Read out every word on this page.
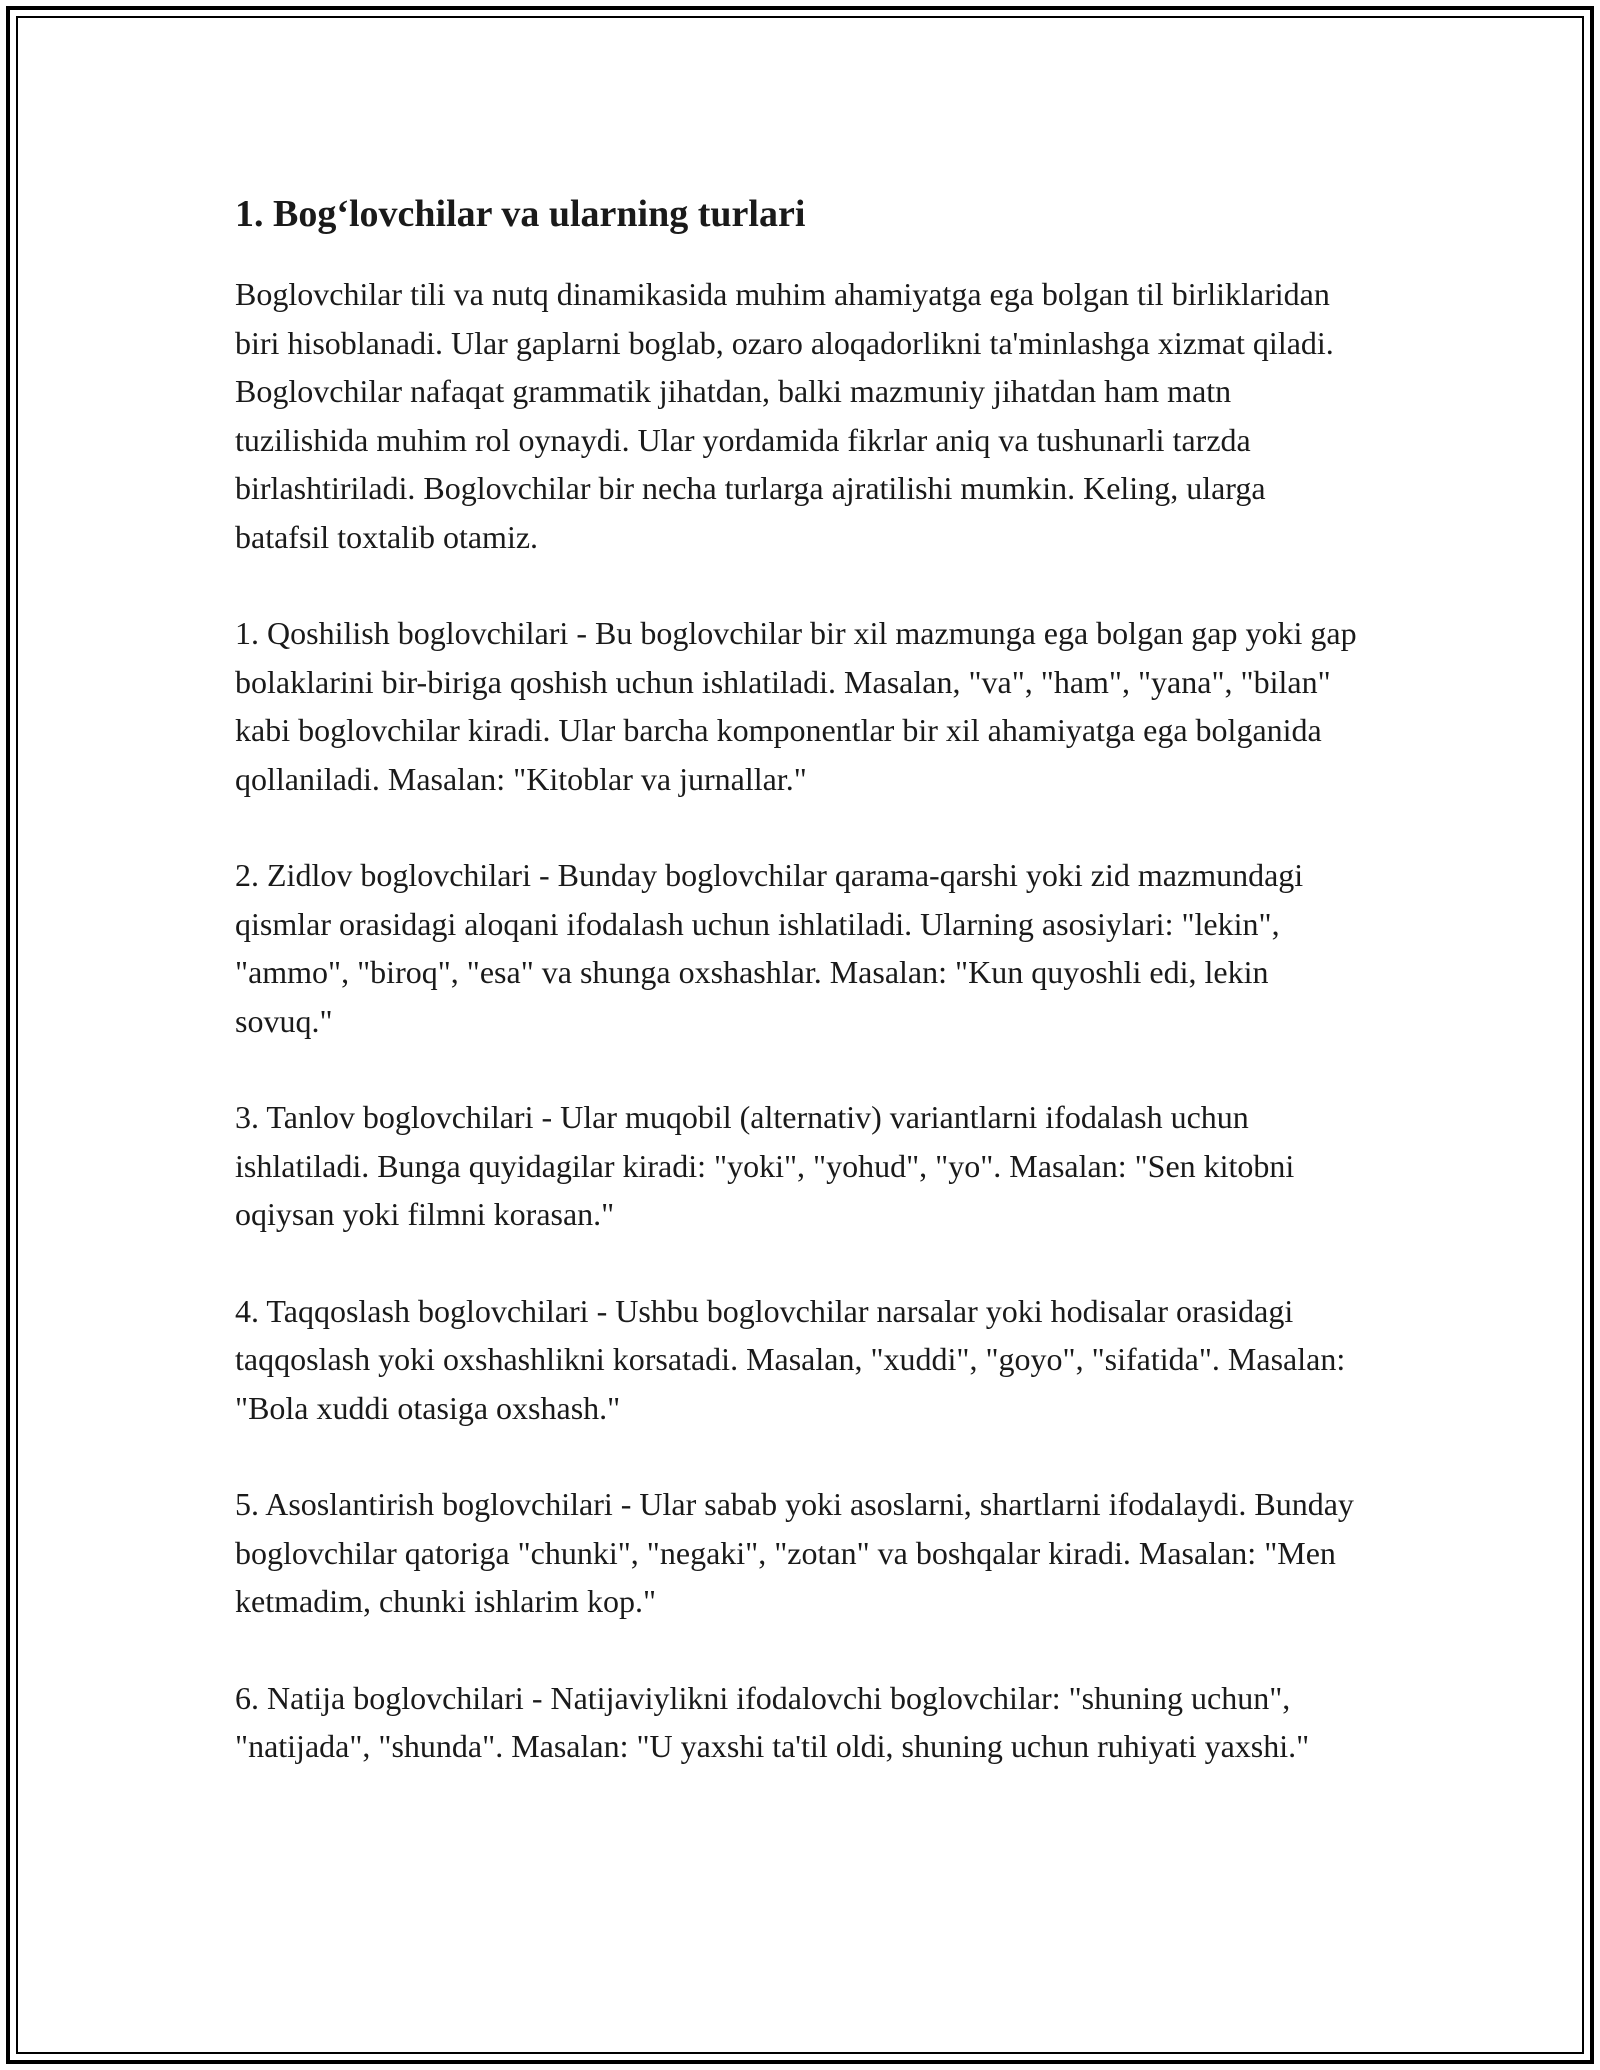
1. Bog‘lovchilar va ularning turlari

Boglovchilar tili va nutq dinamikasida muhim ahamiyatga ega bolgan til birliklaridan biri hisoblanadi. Ular gaplarni boglab, ozaro aloqadorlikni ta'minlashga xizmat qiladi. Boglovchilar nafaqat grammatik jihatdan, balki mazmuniy jihatdan ham matn tuzilishida muhim rol oynaydi. Ular yordamida fikrlar aniq va tushunarli tarzda birlashtiriladi. Boglovchilar bir necha turlarga ajratilishi mumkin. Keling, ularga batafsil toxtalib otamiz.

1. Qoshilish boglovchilari - Bu boglovchilar bir xil mazmunga ega bolgan gap yoki gap bolaklarini bir-biriga qoshish uchun ishlatiladi. Masalan, "va", "ham", "yana", "bilan" kabi boglovchilar kiradi. Ular barcha komponentlar bir xil ahamiyatga ega bolganida qollaniladi. Masalan: "Kitoblar va jurnallar."

2. Zidlov boglovchilari - Bunday boglovchilar qarama-qarshi yoki zid mazmundagi qismlar orasidagi aloqani ifodalash uchun ishlatiladi. Ularning asosiylari: "lekin", "ammo", "biroq", "esa" va shunga oxshashlar. Masalan: "Kun quyoshli edi, lekin sovuq."

3. Tanlov boglovchilari - Ular muqobil (alternativ) variantlarni ifodalash uchun ishlatiladi. Bunga quyidagilar kiradi: "yoki", "yohud", "yo". Masalan: "Sen kitobni oqiysan yoki filmni korasan."

4. Taqqoslash boglovchilari - Ushbu boglovchilar narsalar yoki hodisalar orasidagi taqqoslash yoki oxshashlikni korsatadi. Masalan, "xuddi", "goyo", "sifatida". Masalan: "Bola xuddi otasiga oxshash."

5. Asoslantirish boglovchilari - Ular sabab yoki asoslarni, shartlarni ifodalaydi. Bunday boglovchilar qatoriga "chunki", "negaki", "zotan" va boshqalar kiradi. Masalan: "Men ketmadim, chunki ishlarim kop."

6. Natija boglovchilari - Natijaviylikni ifodalovchi boglovchilar: "shuning uchun", "natijada", "shunda". Masalan: "U yaxshi ta'til oldi, shuning uchun ruhiyati yaxshi."
